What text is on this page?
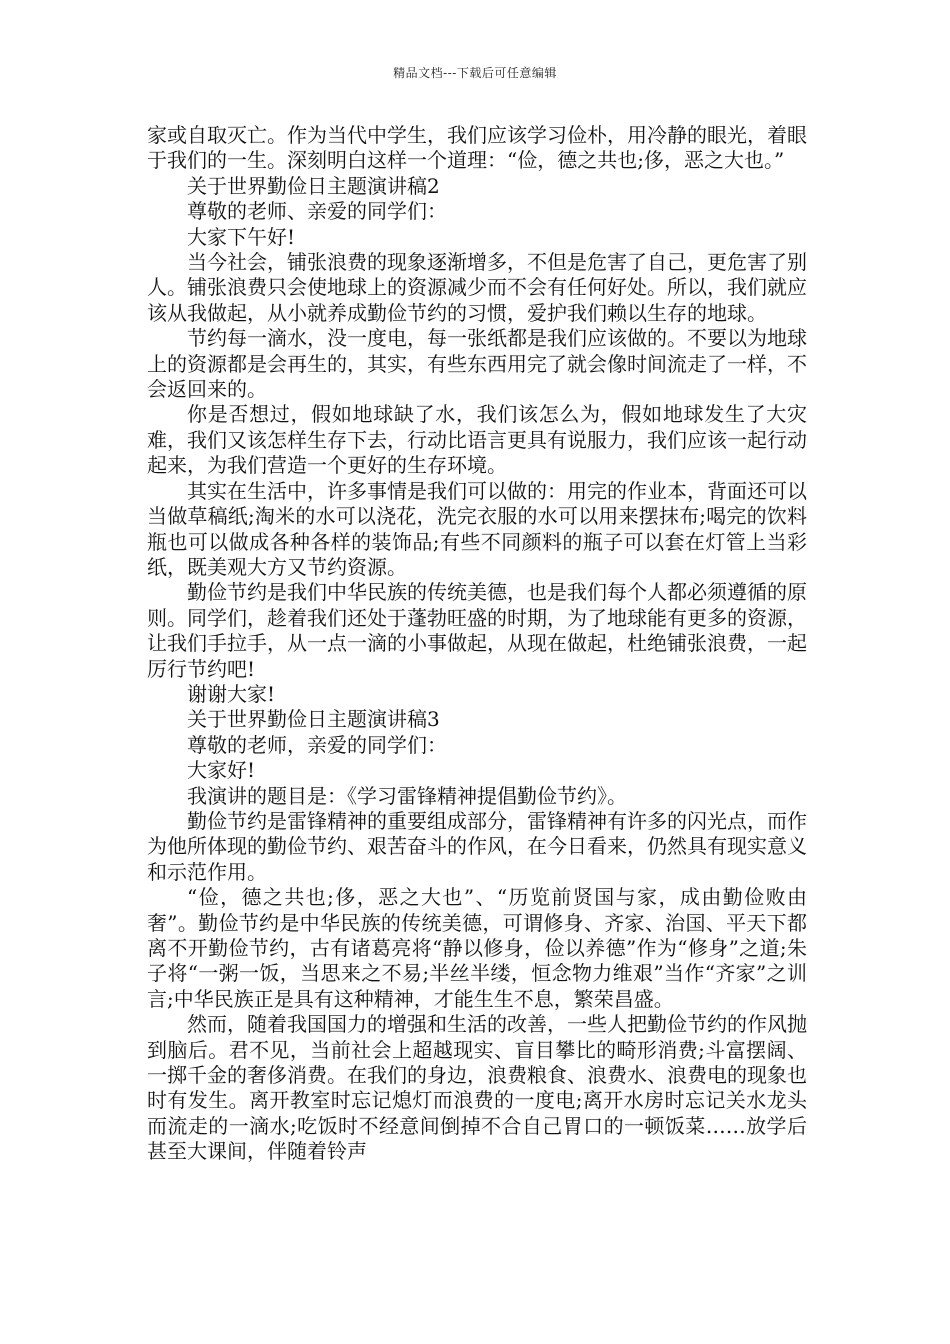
精品文档---下载后可任意编辑

家或自取灭亡。作为当代中学生，我们应该学习俭朴，用冷静的眼光，着眼于我们的一生。深刻明白这样一个道理：“俭，德之共也;侈，恶之大也。”

关于世界勤俭日主题演讲稿2

尊敬的老师、亲爱的同学们：

大家下午好!

当今社会，铺张浪费的现象逐渐增多，不但是危害了自己，更危害了别人。铺张浪费只会使地球上的资源减少而不会有任何好处。所以，我们就应该从我做起，从小就养成勤俭节约的习惯，爱护我们赖以生存的地球。

节约每一滴水，没一度电，每一张纸都是我们应该做的。不要以为地球上的资源都是会再生的，其实，有些东西用完了就会像时间流走了一样，不会返回来的。

你是否想过，假如地球缺了水，我们该怎么为，假如地球发生了大灾难，我们又该怎样生存下去，行动比语言更具有说服力，我们应该一起行动起来，为我们营造一个更好的生存环境。

其实在生活中，许多事情是我们可以做的：用完的作业本，背面还可以当做草稿纸;淘米的水可以浇花，洗完衣服的水可以用来摆抹布;喝完的饮料瓶也可以做成各种各样的装饰品;有些不同颜料的瓶子可以套在灯管上当彩纸，既美观大方又节约资源。

勤俭节约是我们中华民族的传统美德，也是我们每个人都必须遵循的原则。同学们，趁着我们还处于蓬勃旺盛的时期，为了地球能有更多的资源，让我们手拉手，从一点一滴的小事做起，从现在做起，杜绝铺张浪费，一起厉行节约吧!

谢谢大家!

关于世界勤俭日主题演讲稿3

尊敬的老师，亲爱的同学们：

大家好!

我演讲的题目是：《学习雷锋精神提倡勤俭节约》。

勤俭节约是雷锋精神的重要组成部分，雷锋精神有许多的闪光点，而作为他所体现的勤俭节约、艰苦奋斗的作风，在今日看来，仍然具有现实意义和示范作用。

“俭，德之共也;侈，恶之大也”、“历览前贤国与家，成由勤俭败由奢”。勤俭节约是中华民族的传统美德，可谓修身、齐家、治国、平天下都离不开勤俭节约，古有诸葛亮将“静以修身，俭以养德”作为“修身”之道;朱子将“一粥一饭，当思来之不易;半丝半缕，恒念物力维艰”当作“齐家”之训言;中华民族正是具有这种精神，才能生生不息，繁荣昌盛。

然而，随着我国国力的增强和生活的改善，一些人把勤俭节约的作风抛到脑后。君不见，当前社会上超越现实、盲目攀比的畸形消费;斗富摆阔、一掷千金的奢侈消费。在我们的身边，浪费粮食、浪费水、浪费电的现象也时有发生。离开教室时忘记熄灯而浪费的一度电;离开水房时忘记关水龙头而流走的一滴水;吃饭时不经意间倒掉不合自己胃口的一顿饭菜……放学后甚至大课间，伴随着铃声
